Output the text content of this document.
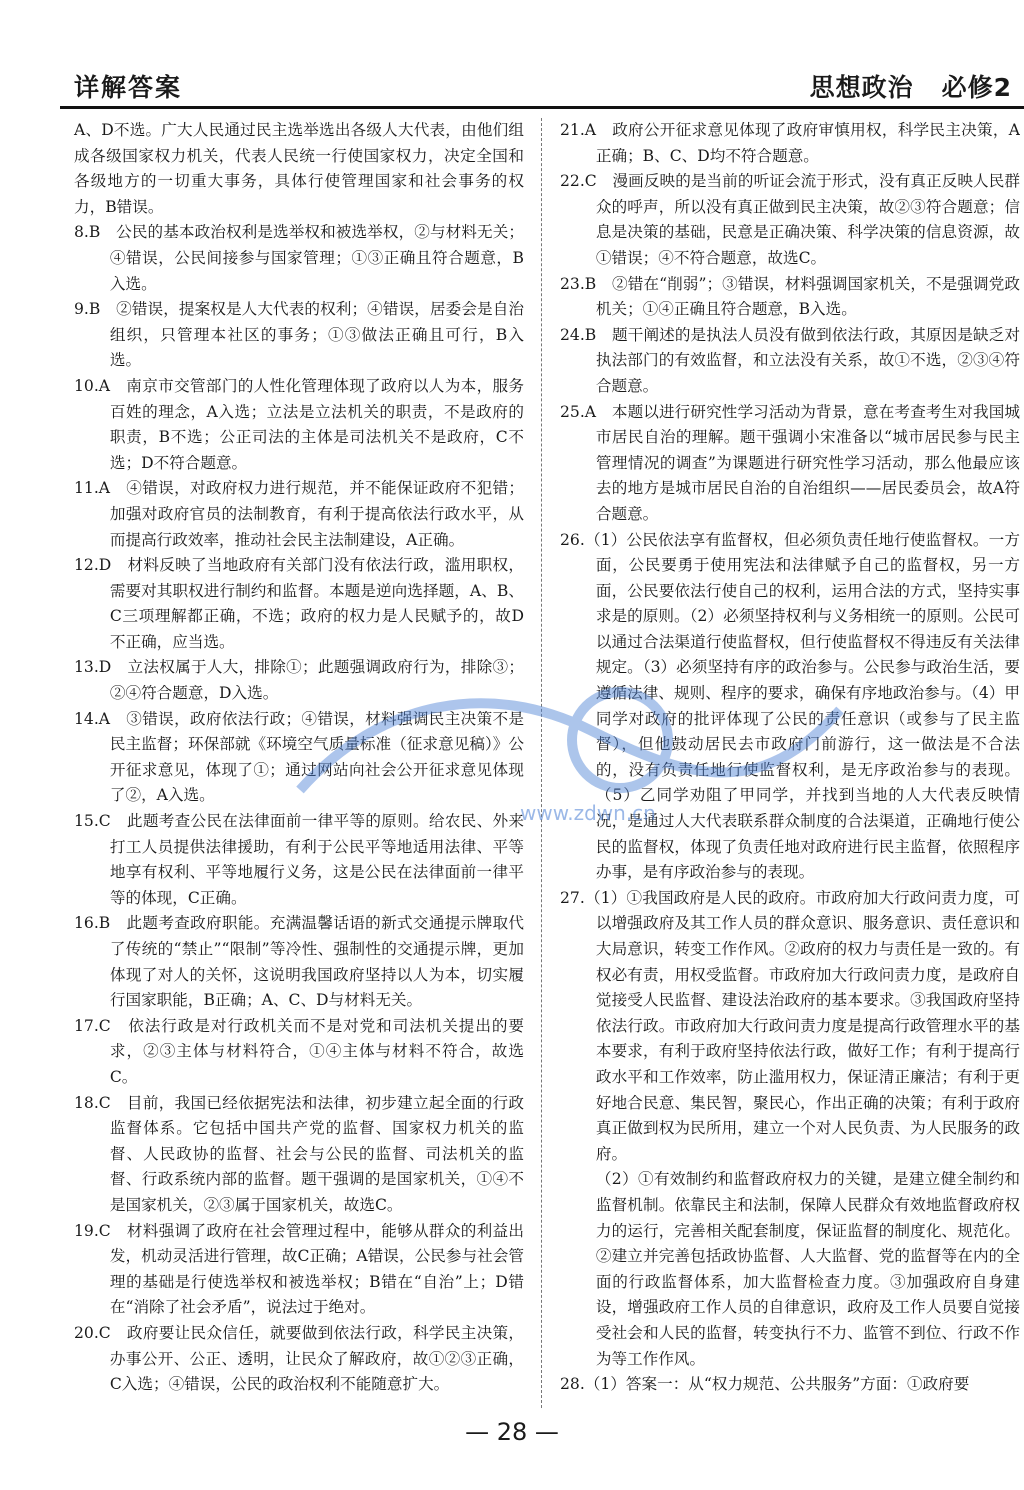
详解答案	思想政治 必修2

A、D不选。广大人民通过民主选举选出各级人大代表，由他们组成各级国家权力机关，代表人民统一行使国家权力，决定全国和各级地方的一切重大事务，具体行使管理国家和社会事务的权力，B错误。

8.B　公民的基本政治权利是选举权和被选举权，②与材料无关；④错误，公民间接参与国家管理；①③正确且符合题意，B入选。

9.B　②错误，提案权是人大代表的权利；④错误，居委会是自治组织，只管理本社区的事务；①③做法正确且可行，B入选。

10.A　南京市交管部门的人性化管理体现了政府以人为本，服务百姓的理念，A入选；立法是立法机关的职责，不是政府的职责，B不选；公正司法的主体是司法机关不是政府，C不选；D不符合题意。

11.A　④错误，对政府权力进行规范，并不能保证政府不犯错；加强对政府官员的法制教育，有利于提高依法行政水平，从而提高行政效率，推动社会民主法制建设，A正确。

12.D　材料反映了当地政府有关部门没有依法行政，滥用职权，需要对其职权进行制约和监督。本题是逆向选择题，A、B、C三项理解都正确，不选；政府的权力是人民赋予的，故D不正确，应当选。

13.D　立法权属于人大，排除①；此题强调政府行为，排除③；②④符合题意，D入选。

14.A　③错误，政府依法行政；④错误，材料强调民主决策不是民主监督；环保部就《环境空气质量标准（征求意见稿）》公开征求意见，体现了①；通过网站向社会公开征求意见体现了②，A入选。

15.C　此题考查公民在法律面前一律平等的原则。给农民、外来打工人员提供法律援助，有利于公民平等地适用法律、平等地享有权利、平等地履行义务，这是公民在法律面前一律平等的体现，C正确。

16.B　此题考查政府职能。充满温馨话语的新式交通提示牌取代了传统的“禁止”“限制”等冷性、强制性的交通提示牌，更加体现了对人的关怀，这说明我国政府坚持以人为本，切实履行国家职能，B正确；A、C、D与材料无关。

17.C　依法行政是对行政机关而不是对党和司法机关提出的要求，②③主体与材料符合，①④主体与材料不符合，故选C。

18.C　目前，我国已经依据宪法和法律，初步建立起全面的行政监督体系。它包括中国共产党的监督、国家权力机关的监督、人民政协的监督、社会与公民的监督、司法机关的监督、行政系统内部的监督。题干强调的是国家机关，①④不是国家机关，②③属于国家机关，故选C。

19.C　材料强调了政府在社会管理过程中，能够从群众的利益出发，机动灵活进行管理，故C正确；A错误，公民参与社会管理的基础是行使选举权和被选举权；B错在“自治”上；D错在“消除了社会矛盾”，说法过于绝对。

20.C　政府要让民众信任，就要做到依法行政，科学民主决策，办事公开、公正、透明，让民众了解政府，故①②③正确，C入选；④错误，公民的政治权利不能随意扩大。

21.A　政府公开征求意见体现了政府审慎用权，科学民主决策，A正确；B、C、D均不符合题意。

22.C　漫画反映的是当前的听证会流于形式，没有真正反映人民群众的呼声，所以没有真正做到民主决策，故②③符合题意；信息是决策的基础，民意是正确决策、科学决策的信息资源，故①错误；④不符合题意，故选C。

23.B　②错在“削弱”；③错误，材料强调国家机关，不是强调党政机关；①④正确且符合题意，B入选。

24.B　题干阐述的是执法人员没有做到依法行政，其原因是缺乏对执法部门的有效监督，和立法没有关系，故①不选，②③④符合题意。

25.A　本题以进行研究性学习活动为背景，意在考查考生对我国城市居民自治的理解。题干强调小宋准备以“城市居民参与民主管理情况的调查”为课题进行研究性学习活动，那么他最应该去的地方是城市居民自治的自治组织——居民委员会，故A符合题意。

26.（1）公民依法享有监督权，但必须负责任地行使监督权。一方面，公民要勇于使用宪法和法律赋予自己的监督权，另一方面，公民要依法行使自己的权利，运用合法的方式，坚持实事求是的原则。（2）必须坚持权利与义务相统一的原则。公民可以通过合法渠道行使监督权，但行使监督权不得违反有关法律规定。（3）必须坚持有序的政治参与。公民参与政治生活，要遵循法律、规则、程序的要求，确保有序地政治参与。（4）甲同学对政府的批评体现了公民的责任意识（或参与了民主监督），但他鼓动居民去市政府门前游行，这一做法是不合法的，没有负责任地行使监督权利，是无序政治参与的表现。（5）乙同学劝阻了甲同学，并找到当地的人大代表反映情况，是通过人大代表联系群众制度的合法渠道，正确地行使公民的监督权，体现了负责任地对政府进行民主监督，依照程序办事，是有序政治参与的表现。

27.（1）①我国政府是人民的政府。市政府加大行政问责力度，可以增强政府及其工作人员的群众意识、服务意识、责任意识和大局意识，转变工作作风。②政府的权力与责任是一致的。有权必有责，用权受监督。市政府加大行政问责力度，是政府自觉接受人民监督、建设法治政府的基本要求。③我国政府坚持依法行政。市政府加大行政问责力度是提高行政管理水平的基本要求，有利于政府坚持依法行政，做好工作；有利于提高行政水平和工作效率，防止滥用权力，保证清正廉洁；有利于更好地合民意、集民智，聚民心，作出正确的决策；有利于政府真正做到权为民所用，建立一个对人民负责、为人民服务的政府。

（2）①有效制约和监督政府权力的关键，是建立健全制约和监督机制。依靠民主和法制，保障人民群众有效地监督政府权力的运行，完善相关配套制度，保证监督的制度化、规范化。②建立并完善包括政协监督、人大监督、党的监督等在内的全面的行政监督体系，加大监督检查力度。③加强政府自身建设，增强政府工作人员的自律意识，政府及工作人员要自觉接受社会和人民的监督，转变执行不力、监管不到位、行政不作为等工作作风。

28.（1）答案一：从“权力规范、公共服务”方面：①政府要

www.zdwn.cn
— 28 —
